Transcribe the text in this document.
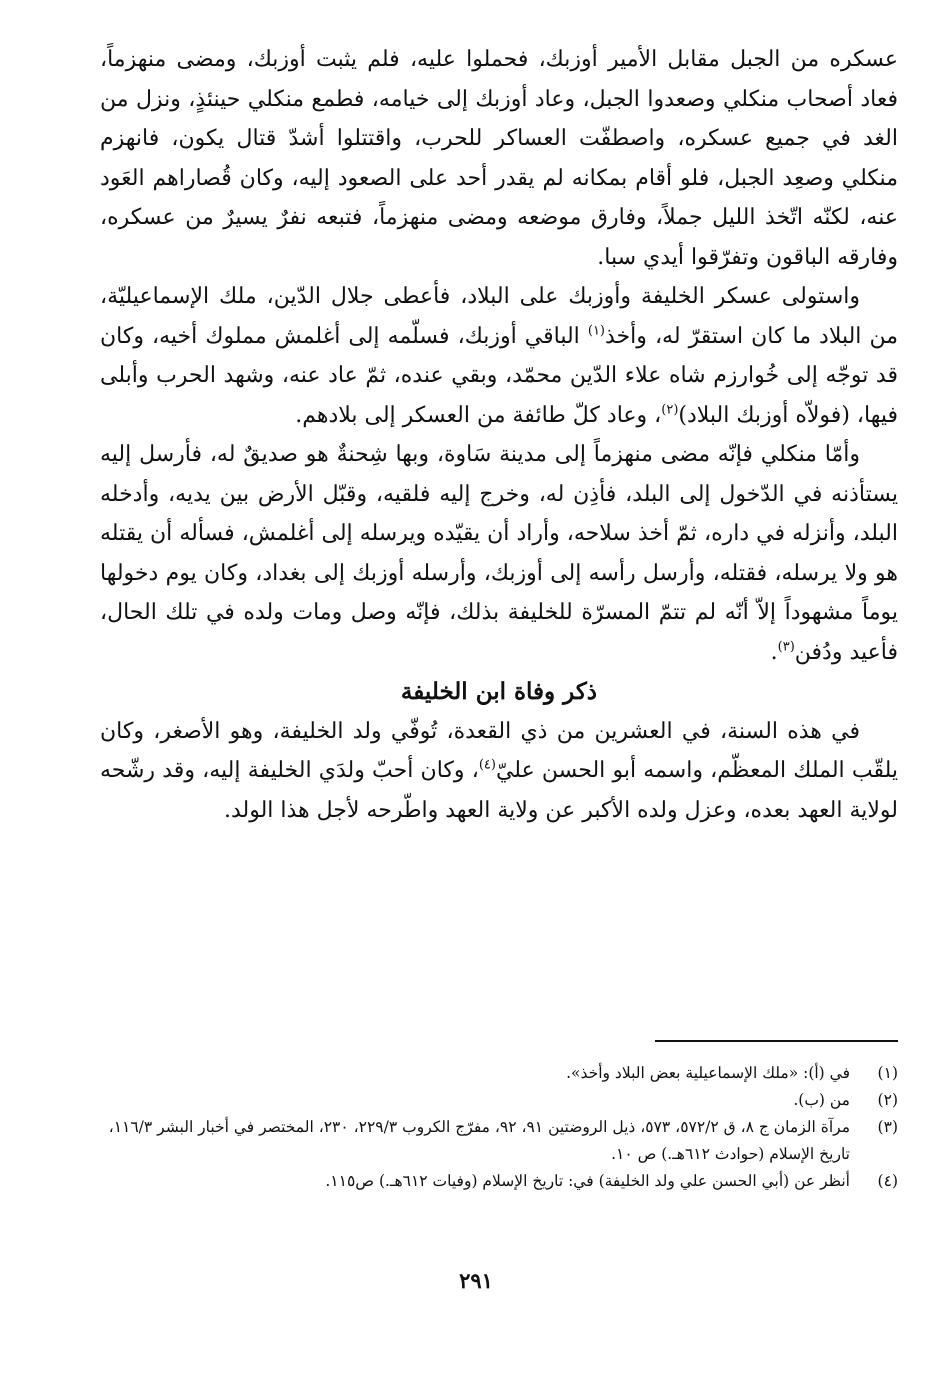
عسكره من الجبل مقابل الأمير أوزبك، فحملوا عليه، فلم يثبت أوزبك، ومضى منهزماً، فعاد أصحاب منكلي وصعدوا الجبل، وعاد أوزبك إلى خيامه، فطمع منكلي حينئذٍ، ونزل من الغد في جميع عسكره، واصطفّت العساكر للحرب، واقتتلوا أشدّ قتال يكون، فانهزم منكلي وصعِد الجبل، فلو أقام بمكانه لم يقدر أحد على الصعود إليه، وكان قُصاراهم العَود عنه، لكنّه اتّخذ الليل جملاً، وفارق موضعه ومضى منهزماً، فتبعه نفرٌ يسيرٌ من عسكره، وفارقه الباقون وتفرّقوا أيدي سبا.

واستولى عسكر الخليفة وأوزبك على البلاد، فأعطى جلال الدّين، ملك الإسماعيليّة، من البلاد ما كان استقرّ له، وأخذ$^{(١)}$ الباقي أوزبك، فسلّمه إلى أغلمش مملوك أخيه، وكان قد توجّه إلى خُوارزم شاه علاء الدّين محمّد، وبقي عنده، ثمّ عاد عنه، وشهد الحرب وأبلى فيها، (فولاّه أوزبك البلاد)$^{(٢)}$، وعاد كلّ طائفة من العسكر إلى بلادهم.

وأمّا منكلي فإنّه مضى منهزماً إلى مدينة سَاوة، وبها شِحنةٌ هو صديقٌ له، فأرسل إليه يستأذنه في الدّخول إلى البلد، فأذِن له، وخرج إليه فلقيه، وقبّل الأرض بين يديه، وأدخله البلد، وأنزله في داره، ثمّ أخذ سلاحه، وأراد أن يقيّده ويرسله إلى أغلمش، فسأله أن يقتله هو ولا يرسله، فقتله، وأرسل رأسه إلى أوزبك، وأرسله أوزبك إلى بغداد، وكان يوم دخولها يوماً مشهوداً إلاّ أنّه لم تتمّ المسرّة للخليفة بذلك، فإنّه وصل ومات ولده في تلك الحال، فأعيد ودُفن$^{(٣)}$.

ذكر وفاة ابن الخليفة

في هذه السنة، في العشرين من ذي القعدة، تُوفّي ولد الخليفة، وهو الأصغر، وكان يلقّب الملك المعظّم، واسمه أبو الحسن عليّ$^{(٤)}$، وكان أحبّ ولدَي الخليفة إليه، وقد رشّحه لولاية العهد بعده، وعزل ولده الأكبر عن ولاية العهد واطّرحه لأجل هذا الولد.

(١)
في (أ): «ملك الإسماعيلية بعض البلاد وأخذ».
(٢)
من (ب).
(٣)
مرآة الزمان ج ٨، ق ٥٧٢/٢، ٥٧٣، ذيل الروضتين ٩١، ٩٢، مفرّج الكروب ٢٢٩/٣، ٢٣٠، المختصر في أخبار البشر ١١٦/٣، تاريخ الإسلام (حوادث ٦١٢هـ.) ص ١٠.
(٤)
أنظر عن (أبي الحسن علي ولد الخليفة) في: تاريخ الإسلام (وفيات ٦١٢هـ.) ص١١٥.
٢٩١
